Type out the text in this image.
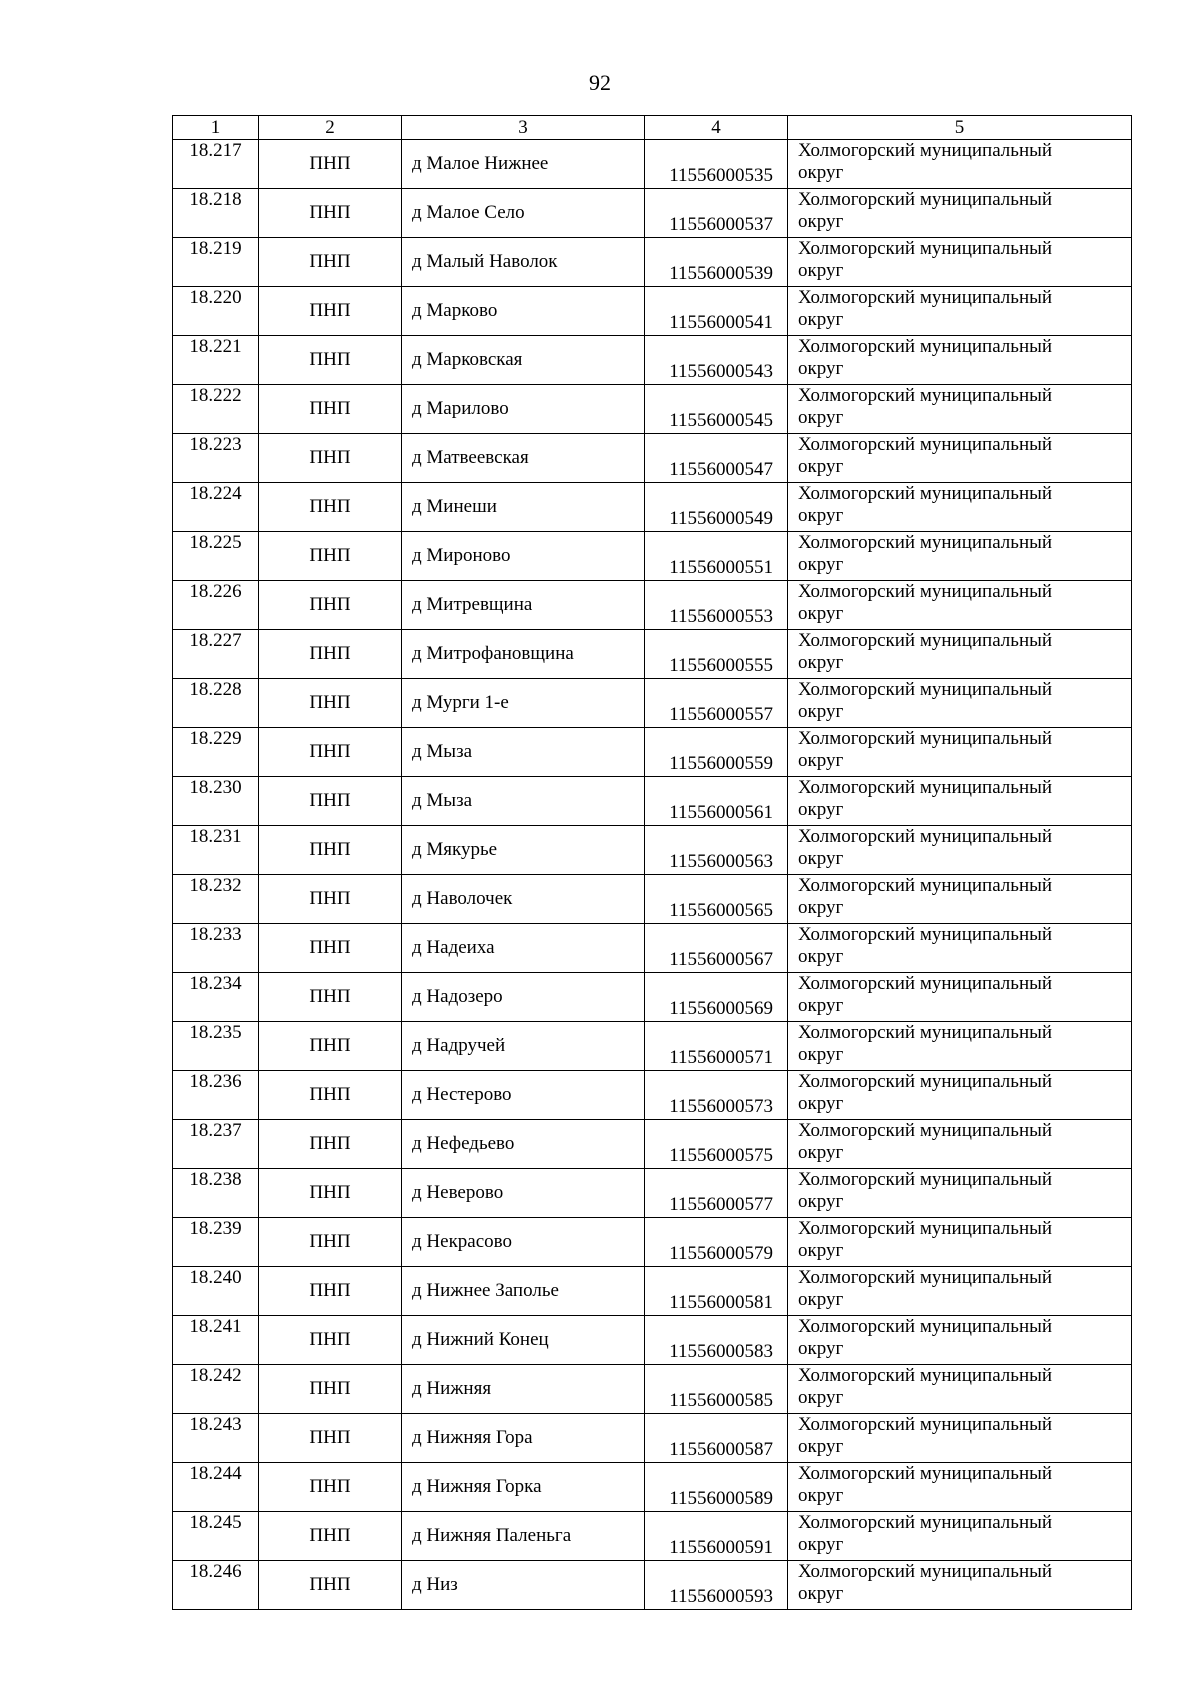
92
1	2	3	4	5
18.217	ПНП	д Малое Нижнее	11556000535	Холмогорский муниципальный
округ

18.218	ПНП	д Малое Село	11556000537	Холмогорский муниципальный
округ

18.219	ПНП	д Малый Наволок	11556000539	Холмогорский муниципальный
округ

18.220	ПНП	д Марково	11556000541	Холмогорский муниципальный
округ

18.221	ПНП	д Марковская	11556000543	Холмогорский муниципальный
округ

18.222	ПНП	д Марилово	11556000545	Холмогорский муниципальный
округ

18.223	ПНП	д Матвеевская	11556000547	Холмогорский муниципальный
округ

18.224	ПНП	д Минеши	11556000549	Холмогорский муниципальный
округ

18.225	ПНП	д Мироново	11556000551	Холмогорский муниципальный
округ

18.226	ПНП	д Митревщина	11556000553	Холмогорский муниципальный
округ

18.227	ПНП	д Митрофановщина	11556000555	Холмогорский муниципальный
округ

18.228	ПНП	д Мурги 1-е	11556000557	Холмогорский муниципальный
округ

18.229	ПНП	д Мыза	11556000559	Холмогорский муниципальный
округ

18.230	ПНП	д Мыза	11556000561	Холмогорский муниципальный
округ

18.231	ПНП	д Мякурье	11556000563	Холмогорский муниципальный
округ

18.232	ПНП	д Наволочек	11556000565	Холмогорский муниципальный
округ

18.233	ПНП	д Надеиха	11556000567	Холмогорский муниципальный
округ

18.234	ПНП	д Надозеро	11556000569	Холмогорский муниципальный
округ

18.235	ПНП	д Надручей	11556000571	Холмогорский муниципальный
округ

18.236	ПНП	д Нестерово	11556000573	Холмогорский муниципальный
округ

18.237	ПНП	д Нефедьево	11556000575	Холмогорский муниципальный
округ

18.238	ПНП	д Неверово	11556000577	Холмогорский муниципальный
округ

18.239	ПНП	д Некрасово	11556000579	Холмогорский муниципальный
округ

18.240	ПНП	д Нижнее Заполье	11556000581	Холмогорский муниципальный
округ

18.241	ПНП	д Нижний Конец	11556000583	Холмогорский муниципальный
округ

18.242	ПНП	д Нижняя	11556000585	Холмогорский муниципальный
округ

18.243	ПНП	д Нижняя Гора	11556000587	Холмогорский муниципальный
округ

18.244	ПНП	д Нижняя Горка	11556000589	Холмогорский муниципальный
округ

18.245	ПНП	д Нижняя Паленьга	11556000591	Холмогорский муниципальный
округ

18.246	ПНП	д Низ	11556000593	Холмогорский муниципальный
округ
